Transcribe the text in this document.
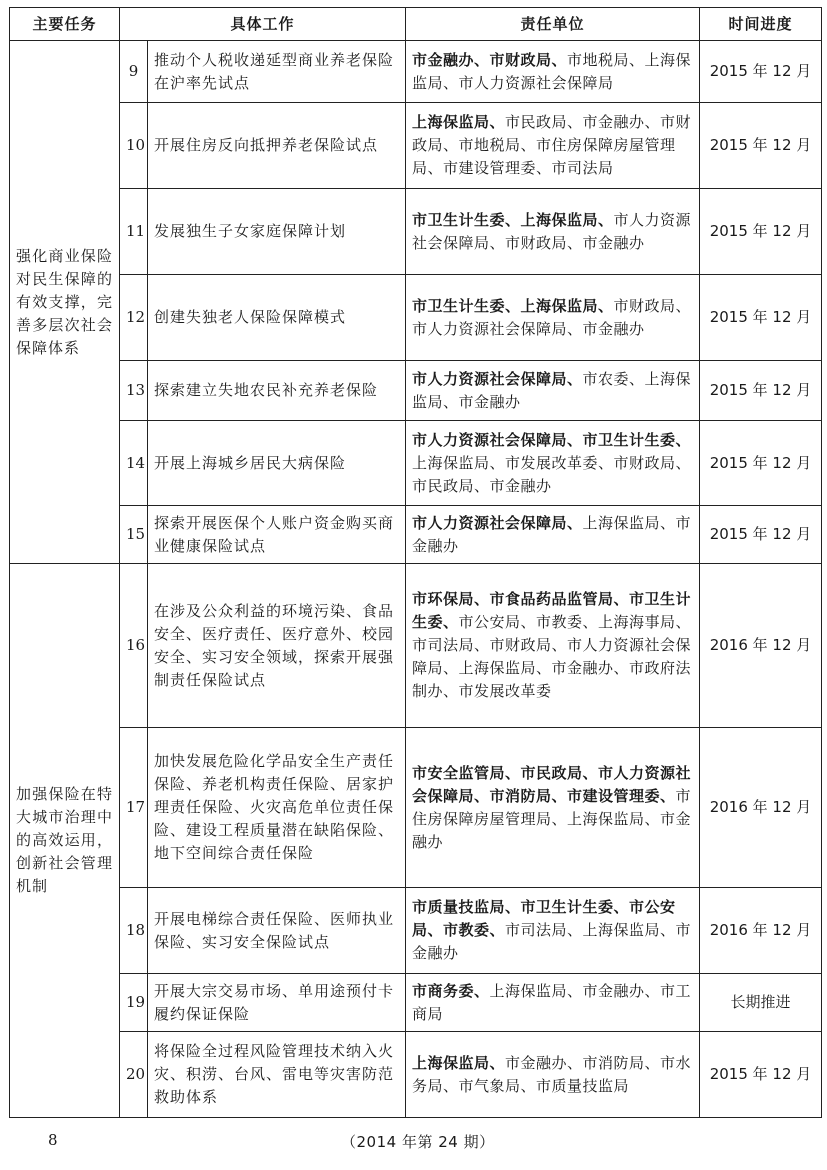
主要任务	具体工作		责任单位	时间进度
强化商业保险对民生保障的有效支撑，完善多层次社会保障体系	9	推动个人税收递延型商业养老保险在沪率先试点	市金融办、市财政局、市地税局、上海保监局、市人力资源社会保障局	2015 年 12 月
	10	开展住房反向抵押养老保险试点	上海保监局、市民政局、市金融办、市财政局、市地税局、市住房保障房屋管理局、市建设管理委、市司法局	2015 年 12 月
	11	发展独生子女家庭保障计划	市卫生计生委、上海保监局、市人力资源社会保障局、市财政局、市金融办	2015 年 12 月
	12	创建失独老人保险保障模式	市卫生计生委、上海保监局、市财政局、市人力资源社会保障局、市金融办	2015 年 12 月
	13	探索建立失地农民补充养老保险	市人力资源社会保障局、市农委、上海保监局、市金融办	2015 年 12 月
	14	开展上海城乡居民大病保险	市人力资源社会保障局、市卫生计生委、上海保监局、市发展改革委、市财政局、市民政局、市金融办	2015 年 12 月
	15	探索开展医保个人账户资金购买商业健康保险试点	市人力资源社会保障局、上海保监局、市金融办	2015 年 12 月
加强保险在特大城市治理中的高效运用，创新社会管理机制	16	在涉及公众利益的环境污染、食品安全、医疗责任、医疗意外、校园安全、实习安全领域，探索开展强制责任保险试点	市环保局、市食品药品监管局、市卫生计生委、市公安局、市教委、上海海事局、市司法局、市财政局、市人力资源社会保障局、上海保监局、市金融办、市政府法制办、市发展改革委	2016 年 12 月
	17	加快发展危险化学品安全生产责任保险、养老机构责任保险、居家护理责任保险、火灾高危单位责任保险、建设工程质量潜在缺陷保险、地下空间综合责任保险	市安全监管局、市民政局、市人力资源社会保障局、市消防局、市建设管理委、市住房保障房屋管理局、上海保监局、市金融办	2016 年 12 月
	18	开展电梯综合责任保险、医师执业保险、实习安全保险试点	市质量技监局、市卫生计生委、市公安局、市教委、市司法局、上海保监局、市金融办	2016 年 12 月
	19	开展大宗交易市场、单用途预付卡履约保证保险	市商务委、上海保监局、市金融办、市工商局	长期推进
	20	将保险全过程风险管理技术纳入火灾、积涝、台风、雷电等灾害防范救助体系	上海保监局、市金融办、市消防局、市水务局、市气象局、市质量技监局	2015 年 12 月
8	（2014 年第 24 期）
